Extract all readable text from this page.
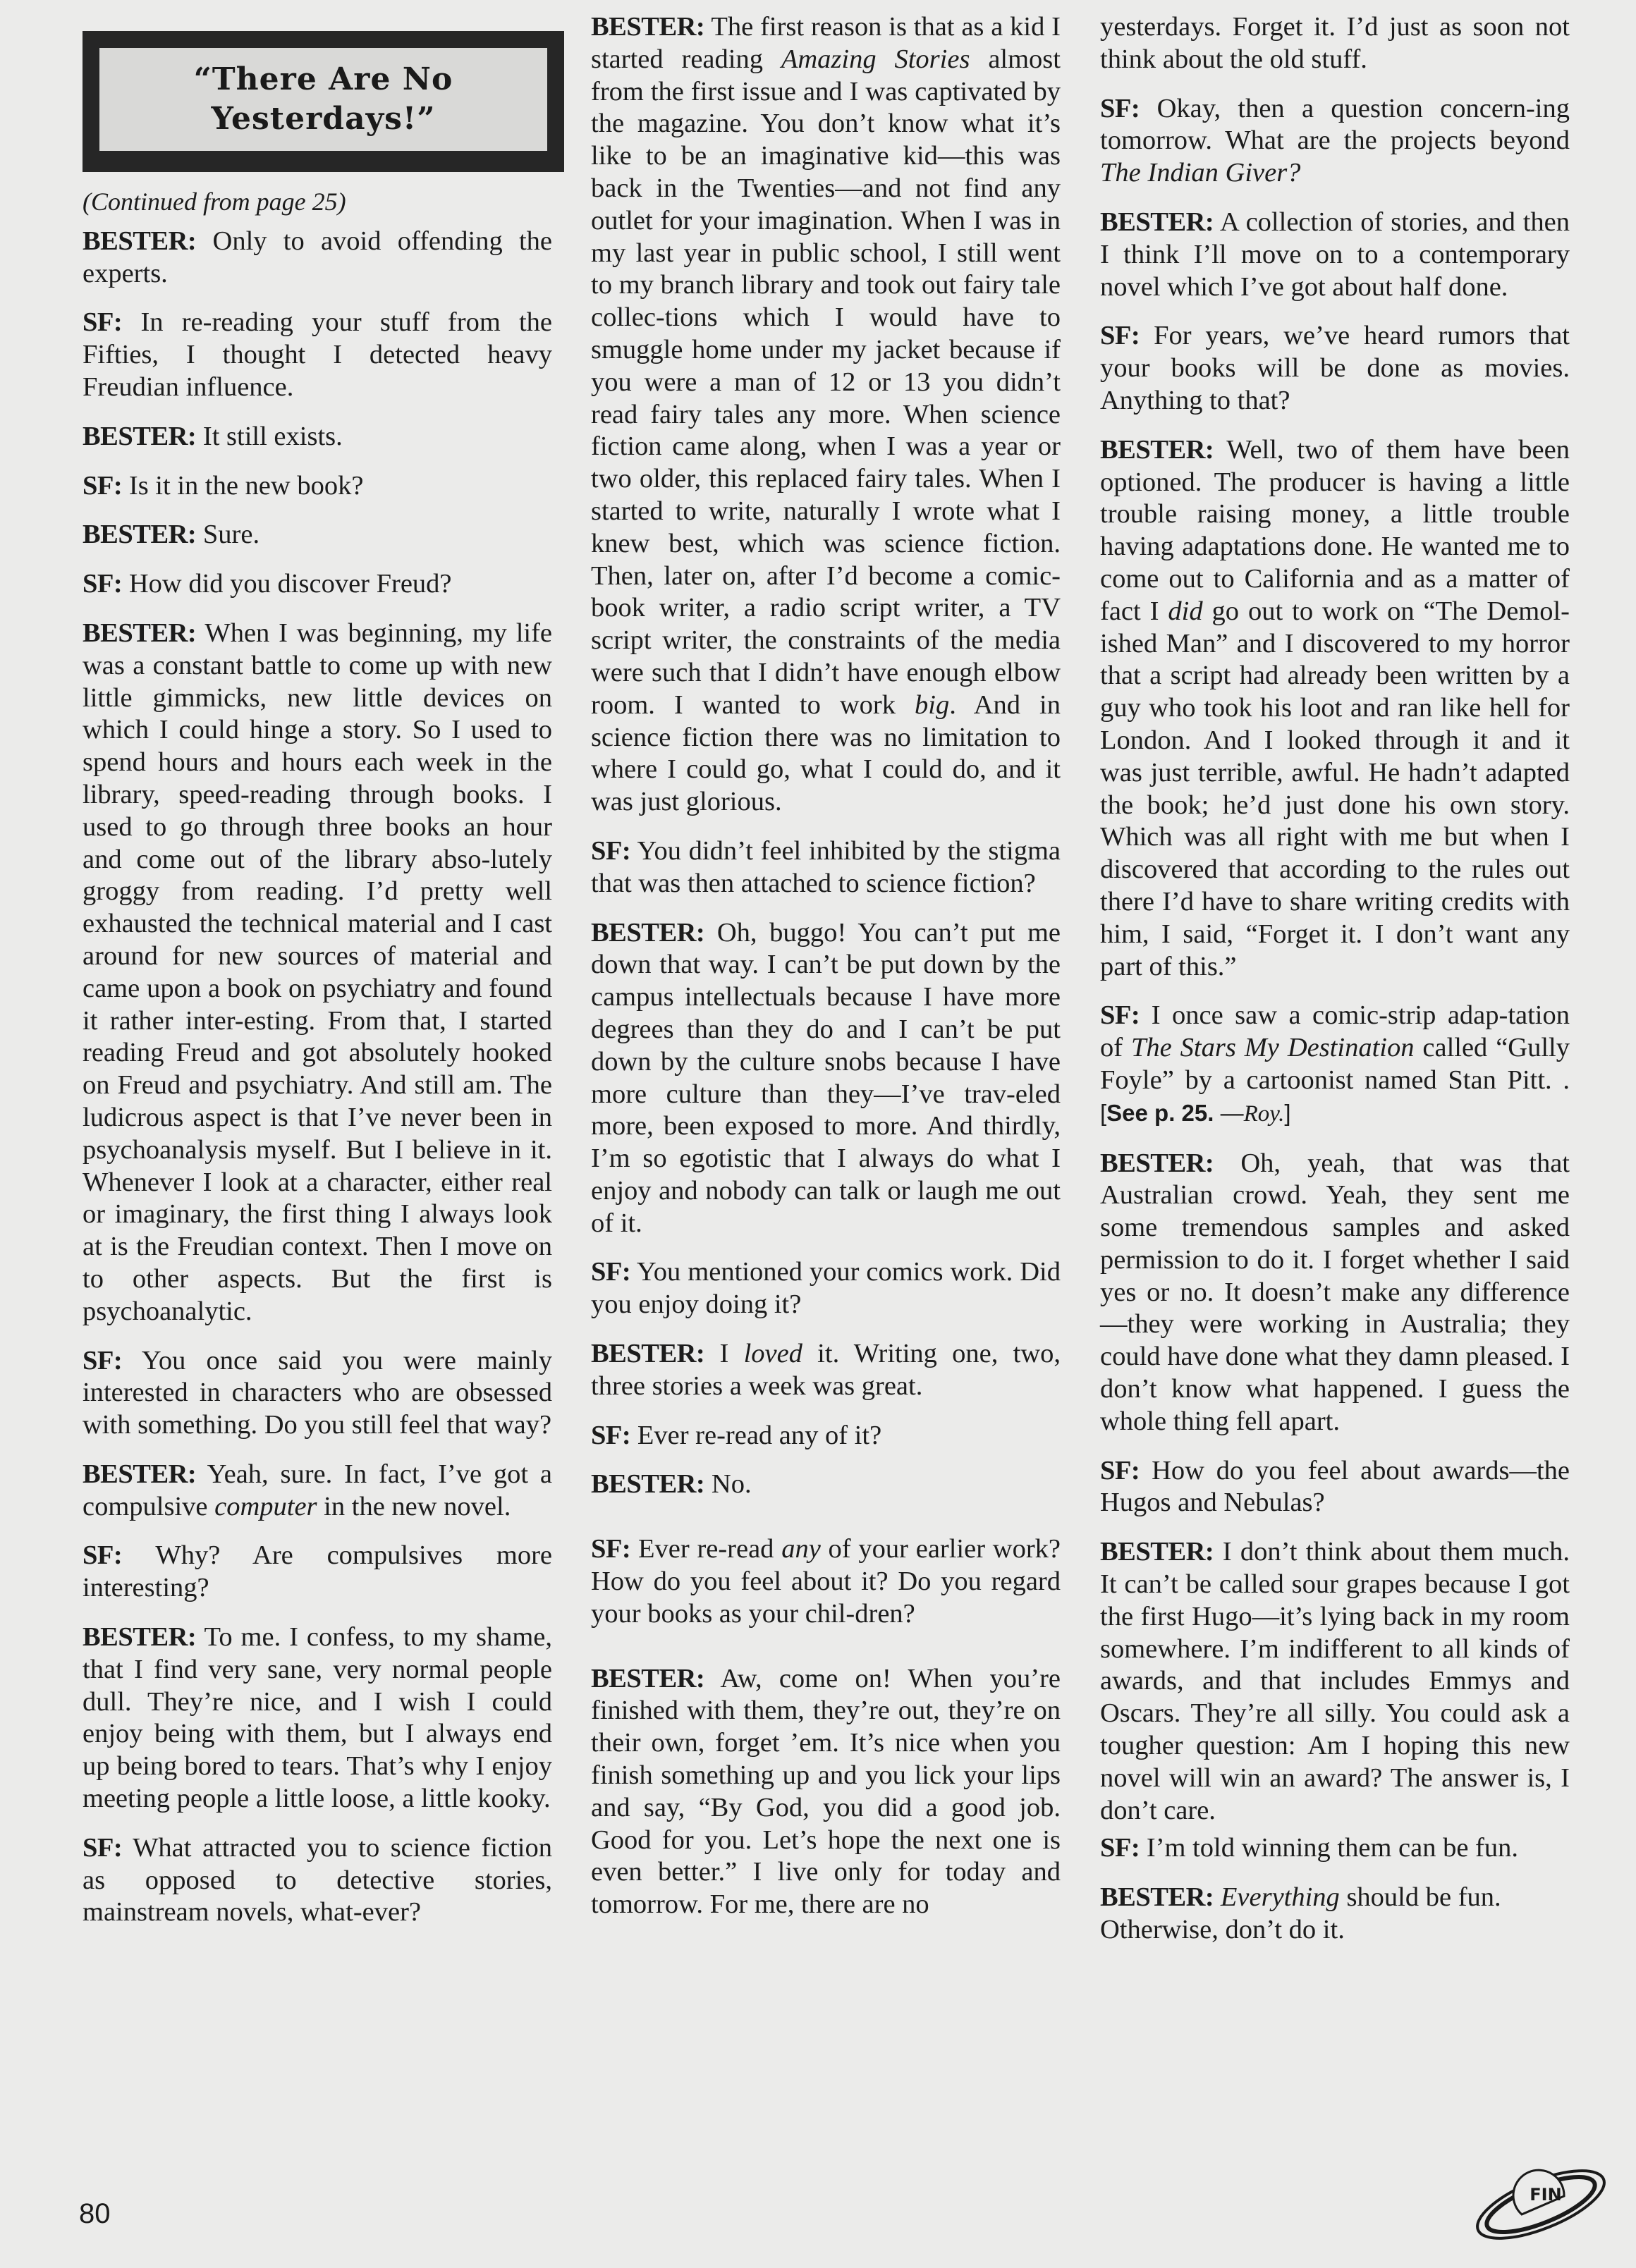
“There Are No
Yesterdays!”
(Continued from page 25)

BESTER: Only to avoid offending the experts.

SF: In re-reading your stuff from the Fifties, I thought I detected heavy Freudian influence.

BESTER: It still exists.

SF: Is it in the new book?

BESTER: Sure.

SF: How did you discover Freud?

BESTER: When I was beginning, my life was a constant battle to come up with new little gimmicks, new little devices on which I could hinge a story. So I used to spend hours and hours each week in the library, speed-reading through books. I used to go through three books an hour and come out of the library abso-lutely groggy from reading. I’d pretty well exhausted the technical material and I cast around for new sources of material and came upon a book on psychiatry and found it rather inter-esting. From that, I started reading Freud and got absolutely hooked on Freud and psychiatry. And still am. The ludicrous aspect is that I’ve never been in psychoanalysis myself. But I believe in it. Whenever I look at a character, either real or imaginary, the first thing I always look at is the Freudian context. Then I move on to other aspects. But the first is psychoanalytic.

SF: You once said you were mainly interested in characters who are obsessed with something. Do you still feel that way?

BESTER: Yeah, sure. In fact, I’ve got a compulsive computer in the new novel.

SF: Why? Are compulsives more interesting?

BESTER: To me. I confess, to my shame, that I find very sane, very normal people dull. They’re nice, and I wish I could enjoy being with them, but I always end up being bored to tears. That’s why I enjoy meeting people a little loose, a little kooky.

SF: What attracted you to science fiction as opposed to detective stories, mainstream novels, what-ever?

BESTER: The first reason is that as a kid I started reading Amazing Stories almost from the first issue and I was captivated by the magazine. You don’t know what it’s like to be an imaginative kid—this was back in the Twenties—and not find any outlet for your imagination. When I was in my last year in public school, I still went to my branch library and took out fairy tale collec-tions which I would have to smuggle home under my jacket because if you were a man of 12 or 13 you didn’t read fairy tales any more. When science fiction came along, when I was a year or two older, this replaced fairy tales. When I started to write, naturally I wrote what I knew best, which was science fiction. Then, later on, after I’d become a comic-book writer, a radio script writer, a TV script writer, the constraints of the media were such that I didn’t have enough elbow room. I wanted to work big. And in science fiction there was no limitation to where I could go, what I could do, and it was just glorious.

SF: You didn’t feel inhibited by the stigma that was then attached to science fiction?

BESTER: Oh, buggo! You can’t put me down that way. I can’t be put down by the campus intellectuals because I have more degrees than they do and I can’t be put down by the culture snobs because I have more culture than they—I’ve trav-eled more, been exposed to more. And thirdly, I’m so egotistic that I always do what I enjoy and nobody can talk or laugh me out of it.

SF: You mentioned your comics work. Did you enjoy doing it?

BESTER: I loved it. Writing one, two, three stories a week was great.

SF: Ever re-read any of it?

BESTER: No.

SF: Ever re-read any of your earlier work? How do you feel about it? Do you regard your books as your chil-dren?

BESTER: Aw, come on! When you’re finished with them, they’re out, they’re on their own, forget ’em. It’s nice when you finish something up and you lick your lips and say, “By God, you did a good job. Good for you. Let’s hope the next one is even better.” I live only for today and tomorrow. For me, there are no

yesterdays. Forget it. I’d just as soon not think about the old stuff.

SF: Okay, then a question concern-ing tomorrow. What are the projects beyond The Indian Giver?

BESTER: A collection of stories, and then I think I’ll move on to a contemporary novel which I’ve got about half done.

SF: For years, we’ve heard rumors that your books will be done as movies. Anything to that?

BESTER: Well, two of them have been optioned. The producer is having a little trouble raising money, a little trouble having adaptations done. He wanted me to come out to California and as a matter of fact I did go out to work on “The Demol-ished Man” and I discovered to my horror that a script had already been written by a guy who took his loot and ran like hell for London. And I looked through it and it was just terrible, awful. He hadn’t adapted the book; he’d just done his own story. Which was all right with me but when I discovered that according to the rules out there I’d have to share writing credits with him, I said, “Forget it. I don’t want any part of this.”

SF: I once saw a comic-strip adap-tation of The Stars My Destination called “Gully Foyle” by a cartoonist named Stan Pitt. . [See p. 25. —Roy.]

BESTER: Oh, yeah, that was that Australian crowd. Yeah, they sent me some tremendous samples and asked permission to do it. I forget whether I said yes or no. It doesn’t make any difference—they were working in Australia; they could have done what they damn pleased. I don’t know what happened. I guess the whole thing fell apart.

SF: How do you feel about awards—the Hugos and Nebulas?

BESTER: I don’t think about them much. It can’t be called sour grapes because I got the first Hugo—it’s lying back in my room somewhere. I’m indifferent to all kinds of awards, and that includes Emmys and Oscars. They’re all silly. You could ask a tougher question: Am I hoping this new novel will win an award? The answer is, I don’t care.

SF: I’m told winning them can be fun.

BESTER: Everything should be fun. Otherwise, don’t do it.

80
FIN
